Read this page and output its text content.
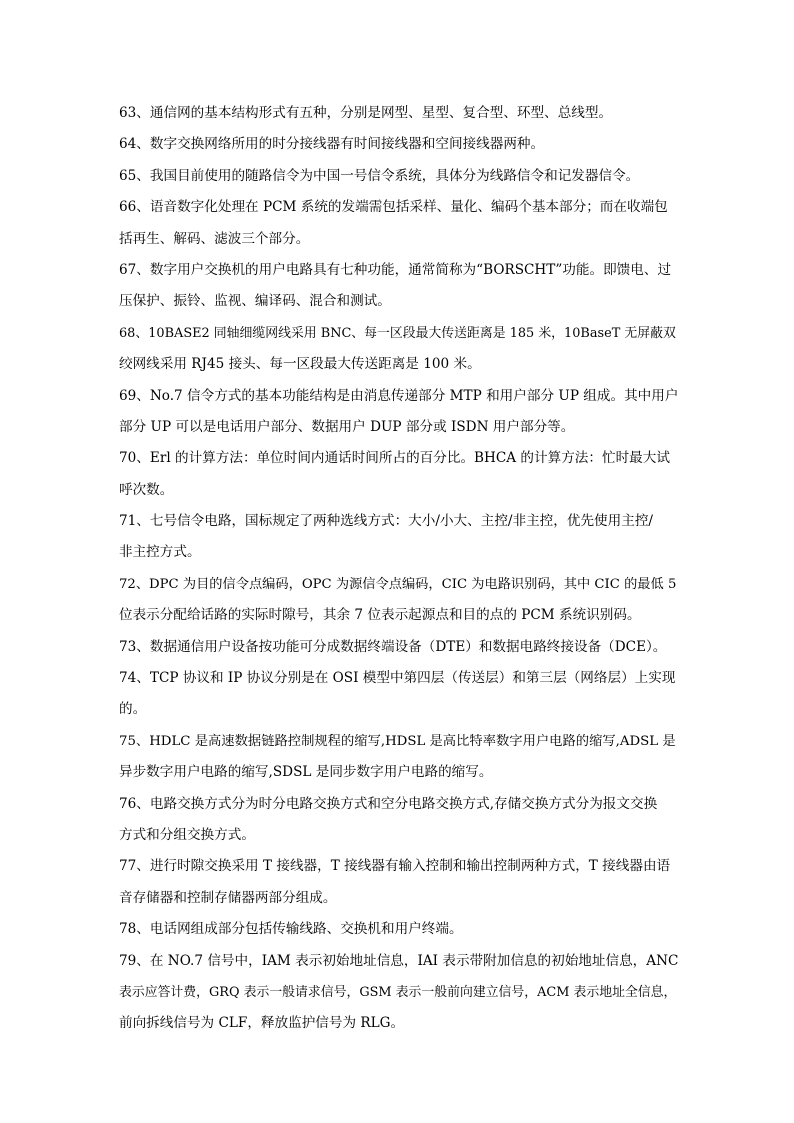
63、通信网的基本结构形式有五种，分别是网型、星型、复合型、环型、总线型。

64、数字交换网络所用的时分接线器有时间接线器和空间接线器两种。

65、我国目前使用的随路信令为中国一号信令系统，具体分为线路信令和记发器信令。

66、语音数字化处理在 PCM 系统的发端需包括采样、量化、编码个基本部分；而在收端包
括再生、解码、滤波三个部分。

67、数字用户交换机的用户电路具有七种功能，通常简称为“BORSCHT”功能。即馈电、过
压保护、振铃、监视、编译码、混合和测试。

68、10BASE2 同轴细缆网线采用 BNC、每一区段最大传送距离是 185 米，10BaseT 无屏蔽双
绞网线采用 RJ45 接头、每一区段最大传送距离是 100 米。

69、No.7 信令方式的基本功能结构是由消息传递部分 MTP 和用户部分 UP 组成。其中用户
部分 UP 可以是电话用户部分、数据用户 DUP 部分或 ISDN 用户部分等。

70、Erl 的计算方法：单位时间内通话时间所占的百分比。BHCA 的计算方法：忙时最大试
呼次数。

71、七号信令电路，国标规定了两种选线方式：大小/小大、主控/非主控，优先使用主控/
非主控方式。

72、DPC 为目的信令点编码，OPC 为源信令点编码，CIC 为电路识别码，其中 CIC 的最低 5
位表示分配给话路的实际时隙号，其余 7 位表示起源点和目的点的 PCM 系统识别码。

73、数据通信用户设备按功能可分成数据终端设备（DTE）和数据电路终接设备（DCE）。

74、TCP 协议和 IP 协议分别是在 OSI 模型中第四层（传送层）和第三层（网络层）上实现
的。

75、HDLC 是高速数据链路控制规程的缩写,HDSL 是高比特率数字用户电路的缩写,ADSL 是
异步数字用户电路的缩写,SDSL 是同步数字用户电路的缩写。

76、电路交换方式分为时分电路交换方式和空分电路交换方式,存储交换方式分为报文交换
方式和分组交换方式。

77、进行时隙交换采用 T 接线器，T 接线器有输入控制和输出控制两种方式，T 接线器由语
音存储器和控制存储器两部分组成。

78、电话网组成部分包括传输线路、交换机和用户终端。

79、在 NO.7 信号中，IAM 表示初始地址信息，IAI 表示带附加信息的初始地址信息，ANC
表示应答计费，GRQ 表示一般请求信号，GSM 表示一般前向建立信号，ACM 表示地址全信息，
前向拆线信号为 CLF，释放监护信号为 RLG。
